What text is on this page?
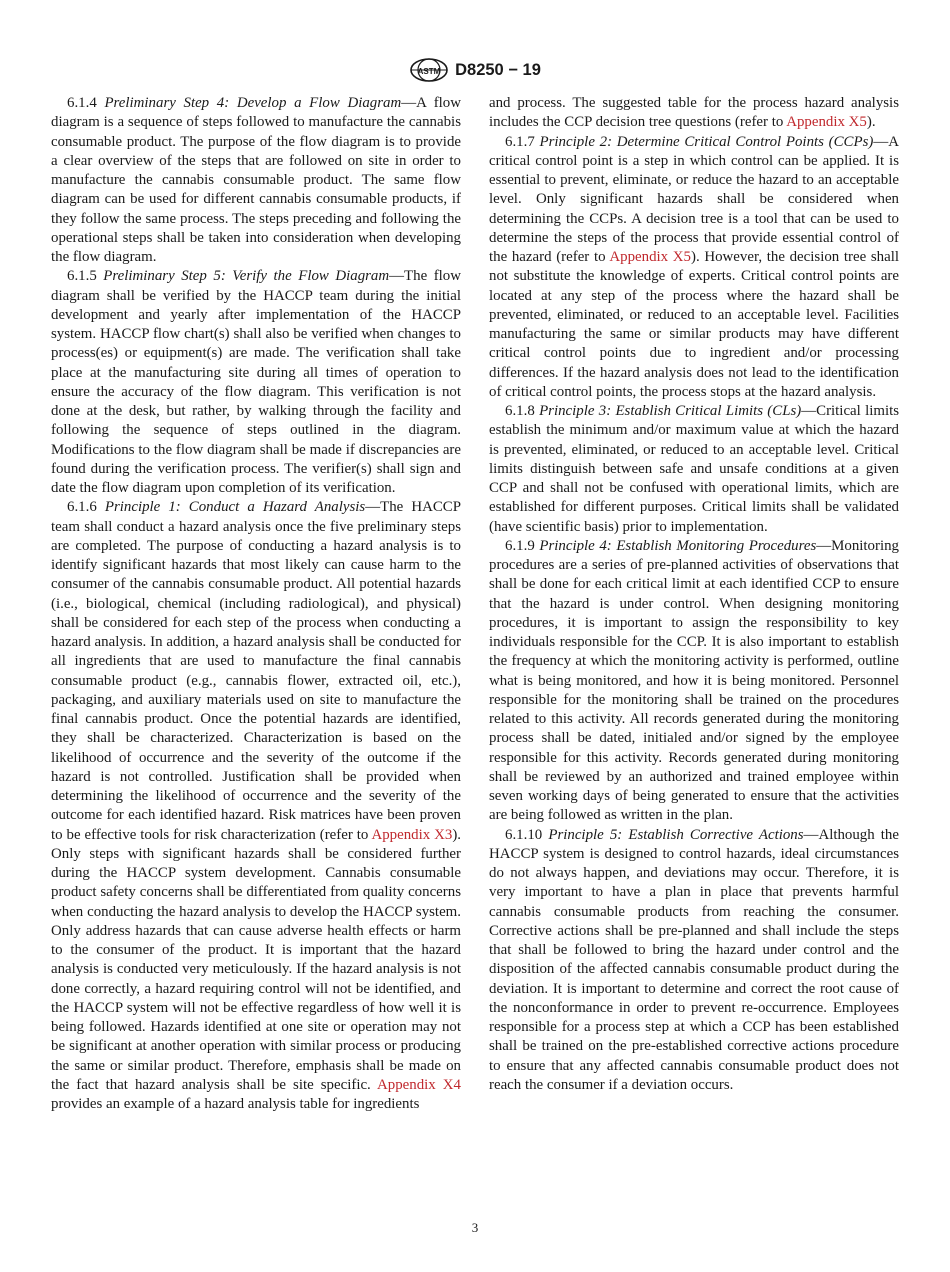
ASTM D8250 − 19

6.1.4 Preliminary Step 4: Develop a Flow Diagram—A flow diagram is a sequence of steps followed to manufacture the cannabis consumable product. The purpose of the flow diagram is to provide a clear overview of the steps that are followed on site in order to manufacture the cannabis consumable product. The same flow diagram can be used for different cannabis consumable products, if they follow the same process. The steps preceding and following the operational steps shall be taken into consideration when developing the flow diagram.

6.1.5 Preliminary Step 5: Verify the Flow Diagram—The flow diagram shall be verified by the HACCP team during the initial development and yearly after implementation of the HACCP system. HACCP flow chart(s) shall also be verified when changes to process(es) or equipment(s) are made. The verification shall take place at the manufacturing site during all times of operation to ensure the accuracy of the flow diagram. This verification is not done at the desk, but rather, by walking through the facility and following the sequence of steps outlined in the diagram. Modifications to the flow diagram shall be made if discrepancies are found during the verification process. The verifier(s) shall sign and date the flow diagram upon completion of its verification.

6.1.6 Principle 1: Conduct a Hazard Analysis—The HACCP team shall conduct a hazard analysis once the five preliminary steps are completed. The purpose of conducting a hazard analysis is to identify significant hazards that most likely can cause harm to the consumer of the cannabis consumable product. All potential hazards (i.e., biological, chemical (including radiological), and physical) shall be considered for each step of the process when conducting a hazard analysis. In addition, a hazard analysis shall be conducted for all ingredients that are used to manufacture the final cannabis consumable product (e.g., cannabis flower, extracted oil, etc.), packaging, and auxiliary materials used on site to manufacture the final cannabis product. Once the potential hazards are identified, they shall be characterized. Characterization is based on the likelihood of occurrence and the severity of the outcome if the hazard is not controlled. Justification shall be provided when determining the likelihood of occurrence and the severity of the outcome for each identified hazard. Risk matrices have been proven to be effective tools for risk characterization (refer to Appendix X3). Only steps with significant hazards shall be considered further during the HACCP system development. Cannabis consumable product safety concerns shall be differentiated from quality concerns when conducting the hazard analysis to develop the HACCP system. Only address hazards that can cause adverse health effects or harm to the consumer of the product. It is important that the hazard analysis is conducted very meticulously. If the hazard analysis is not done correctly, a hazard requiring control will not be identified, and the HACCP system will not be effective regardless of how well it is being followed. Hazards identified at one site or operation may not be significant at another operation with similar process or producing the same or similar product. Therefore, emphasis shall be made on the fact that hazard analysis shall be site specific. Appendix X4 provides an example of a hazard analysis table for ingredients

and process. The suggested table for the process hazard analysis includes the CCP decision tree questions (refer to Appendix X5).

6.1.7 Principle 2: Determine Critical Control Points (CCPs)—A critical control point is a step in which control can be applied. It is essential to prevent, eliminate, or reduce the hazard to an acceptable level. Only significant hazards shall be considered when determining the CCPs. A decision tree is a tool that can be used to determine the steps of the process that provide essential control of the hazard (refer to Appendix X5). However, the decision tree shall not substitute the knowledge of experts. Critical control points are located at any step of the process where the hazard shall be prevented, eliminated, or reduced to an acceptable level. Facilities manufacturing the same or similar products may have different critical control points due to ingredient and/or processing differences. If the hazard analysis does not lead to the identification of critical control points, the process stops at the hazard analysis.

6.1.8 Principle 3: Establish Critical Limits (CLs)—Critical limits establish the minimum and/or maximum value at which the hazard is prevented, eliminated, or reduced to an acceptable level. Critical limits distinguish between safe and unsafe conditions at a given CCP and shall not be confused with operational limits, which are established for different purposes. Critical limits shall be validated (have scientific basis) prior to implementation.

6.1.9 Principle 4: Establish Monitoring Procedures—Monitoring procedures are a series of pre-planned activities of observations that shall be done for each critical limit at each identified CCP to ensure that the hazard is under control. When designing monitoring procedures, it is important to assign the responsibility to key individuals responsible for the CCP. It is also important to establish the frequency at which the monitoring activity is performed, outline what is being monitored, and how it is being monitored. Personnel responsible for the monitoring shall be trained on the procedures related to this activity. All records generated during the monitoring process shall be dated, initialed and/or signed by the employee responsible for this activity. Records generated during monitoring shall be reviewed by an authorized and trained employee within seven working days of being generated to ensure that the activities are being followed as written in the plan.

6.1.10 Principle 5: Establish Corrective Actions—Although the HACCP system is designed to control hazards, ideal circumstances do not always happen, and deviations may occur. Therefore, it is very important to have a plan in place that prevents harmful cannabis consumable products from reaching the consumer. Corrective actions shall be pre-planned and shall include the steps that shall be followed to bring the hazard under control and the disposition of the affected cannabis consumable product during the deviation. It is important to determine and correct the root cause of the nonconformance in order to prevent re-occurrence. Employees responsible for a process step at which a CCP has been established shall be trained on the pre-established corrective actions procedure to ensure that any affected cannabis consumable product does not reach the consumer if a deviation occurs.

3
